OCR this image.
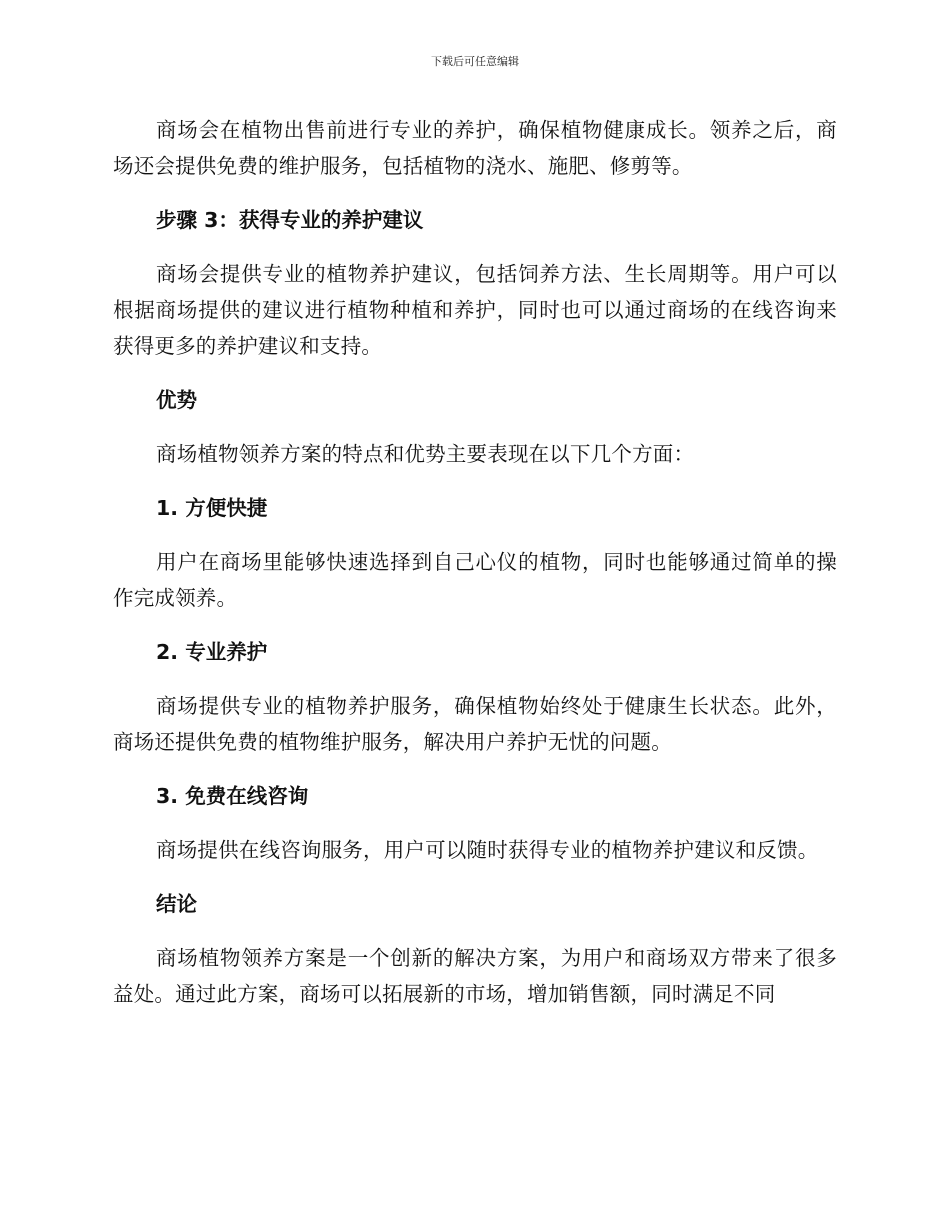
下载后可任意编辑

商场会在植物出售前进行专业的养护，确保植物健康成长。领养之后，商场还会提供免费的维护服务，包括植物的浇水、施肥、修剪等。

步骤 3：获得专业的养护建议

商场会提供专业的植物养护建议，包括饲养方法、生长周期等。用户可以根据商场提供的建议进行植物种植和养护，同时也可以通过商场的在线咨询来获得更多的养护建议和支持。

优势

商场植物领养方案的特点和优势主要表现在以下几个方面：

1. 方便快捷

用户在商场里能够快速选择到自己心仪的植物，同时也能够通过简单的操作完成领养。

2. 专业养护

商场提供专业的植物养护服务，确保植物始终处于健康生长状态。此外，商场还提供免费的植物维护服务，解决用户养护无忧的问题。

3. 免费在线咨询

商场提供在线咨询服务，用户可以随时获得专业的植物养护建议和反馈。

结论

商场植物领养方案是一个创新的解决方案，为用户和商场双方带来了很多益处。通过此方案，商场可以拓展新的市场，增加销售额，同时满足不同
